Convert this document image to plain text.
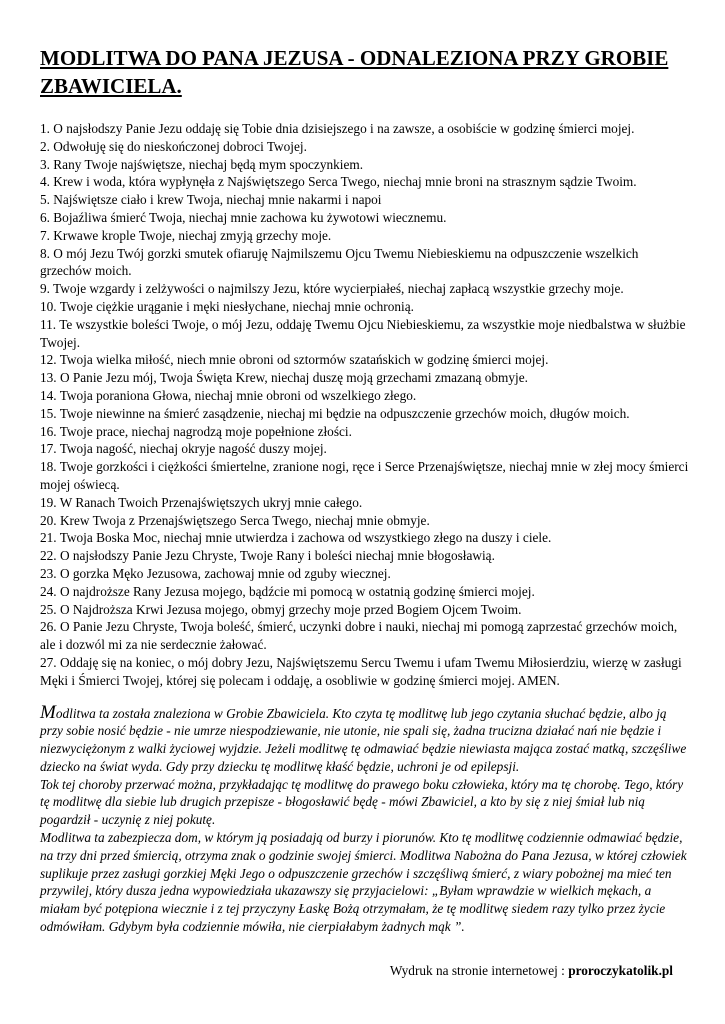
MODLITWA DO PANA JEZUSA - ODNALEZIONA PRZY GROBIE ZBAWICIELA.
1. O najsłodszy Panie Jezu oddaję się Tobie dnia dzisiejszego i na zawsze, a osobiście w godzinę śmierci mojej.
2. Odwołuję się do nieskończonej dobroci Twojej.
3. Rany Twoje najświętsze, niechaj będą mym spoczynkiem.
4. Krew i woda, która wypłynęła z Najświętszego Serca Twego, niechaj mnie broni na strasznym sądzie Twoim.
5. Najświętsze ciało i krew Twoja, niechaj mnie nakarmi i napoi
6. Bojaźliwa śmierć Twoja, niechaj mnie zachowa ku żywotowi wiecznemu.
7. Krwawe krople Twoje, niechaj zmyją grzechy moje.
8. O mój Jezu Twój gorzki smutek ofiaruję Najmilszemu Ojcu Twemu Niebieskiemu na odpuszczenie wszelkich grzechów moich.
9. Twoje wzgardy i zelżywości o najmilszy Jezu, które wycierpiałeś, niechaj zapłacą wszystkie grzechy moje.
10. Twoje ciężkie urąganie i męki niesłychane, niechaj mnie ochronią.
11. Te wszystkie boleści Twoje, o mój Jezu, oddaję Twemu Ojcu Niebieskiemu, za wszystkie moje niedbalstwa w służbie Twojej.
12. Twoja wielka miłość, niech mnie obroni od sztormów szatańskich w godzinę śmierci mojej.
13. O Panie Jezu mój, Twoja Święta Krew, niechaj duszę moją grzechami zmazaną obmyje.
14. Twoja poraniona Głowa, niechaj mnie obroni od wszelkiego złego.
15. Twoje niewinne na śmierć zasądzenie, niechaj mi będzie na odpuszczenie grzechów moich, długów moich.
16. Twoje prace, niechaj nagrodzą moje popełnione złości.
17. Twoja nagość, niechaj okryje nagość duszy mojej.
18. Twoje gorzkości i ciężkości śmiertelne, zranione nogi, ręce i Serce Przenajświętsze, niechaj mnie w złej mocy śmierci mojej oświecą.
19. W Ranach Twoich Przenajświętszych ukryj mnie całego.
20. Krew Twoja z Przenajświętszego Serca Twego, niechaj mnie obmyje.
21. Twoja Boska Moc, niechaj mnie utwierdza i zachowa od wszystkiego złego na duszy i ciele.
22. O najsłodszy Panie Jezu Chryste, Twoje Rany i boleści niechaj mnie błogosławią.
23. O gorzka Męko Jezusowa, zachowaj mnie od zguby wiecznej.
24. O najdroższe Rany Jezusa mojego, bądźcie mi pomocą w ostatnią godzinę śmierci mojej.
25. O Najdroższa Krwi Jezusa mojego, obmyj grzechy moje przed Bogiem Ojcem Twoim.
26. O Panie Jezu Chryste, Twoja boleść, śmierć, uczynki dobre i nauki, niechaj mi pomogą zaprzestać grzechów moich, ale i dozwól mi za nie serdecznie żałować.
27. Oddaję się na koniec, o mój dobry Jezu, Najświętszemu Sercu Twemu i ufam Twemu Miłosierdziu, wierzę w zasługi Męki i Śmierci Twojej, której się polecam i oddaję, a osobliwie w godzinę śmierci mojej. AMEN.

Modlitwa ta została znaleziona w Grobie Zbawiciela. Kto czyta tę modlitwę lub jego czytania słuchać będzie, albo ją przy sobie nosić będzie - nie umrze niespodziewanie, nie utonie, nie spali się, żadna trucizna działać nań nie będzie i niezwyciężonym z walki życiowej wyjdzie. Jeżeli modlitwę tę odmawiać będzie niewiasta mająca zostać matką, szczęśliwe dziecko na świat wyda. Gdy przy dziecku tę modlitwę kłaść będzie, uchroni je od epilepsji.

Tok tej choroby przerwać można, przykładając tę modlitwę do prawego boku człowieka, który ma tę chorobę. Tego, który tę modlitwę dla siebie lub drugich przepisze - błogosławić będę - mówi Zbawiciel, a kto by się z niej śmiał lub nią pogardził - uczynię z niej pokutę.

Modlitwa ta zabezpiecza dom, w którym ją posiadają od burzy i piorunów. Kto tę modlitwę codziennie odmawiać będzie, na trzy dni przed śmiercią, otrzyma znak o godzinie swojej śmierci. Modlitwa Nabożna do Pana Jezusa, w której człowiek suplikuje przez zasługi gorzkiej Męki Jego o odpuszczenie grzechów i szczęśliwą śmierć, z wiary pobożnej ma mieć ten przywilej, który dusza jedna wypowiedziała ukazawszy się przyjacielowi: „Byłam wprawdzie w wielkich mękach, a miałam być potępiona wiecznie i z tej przyczyny Łaskę Bożą otrzymałam, że tę modlitwę siedem razy tylko przez życie odmówiłam. Gdybym była codziennie mówiła, nie cierpiałabym żadnych mąk ”.

Wydruk na stronie internetowej : proroczykatolik.pl
